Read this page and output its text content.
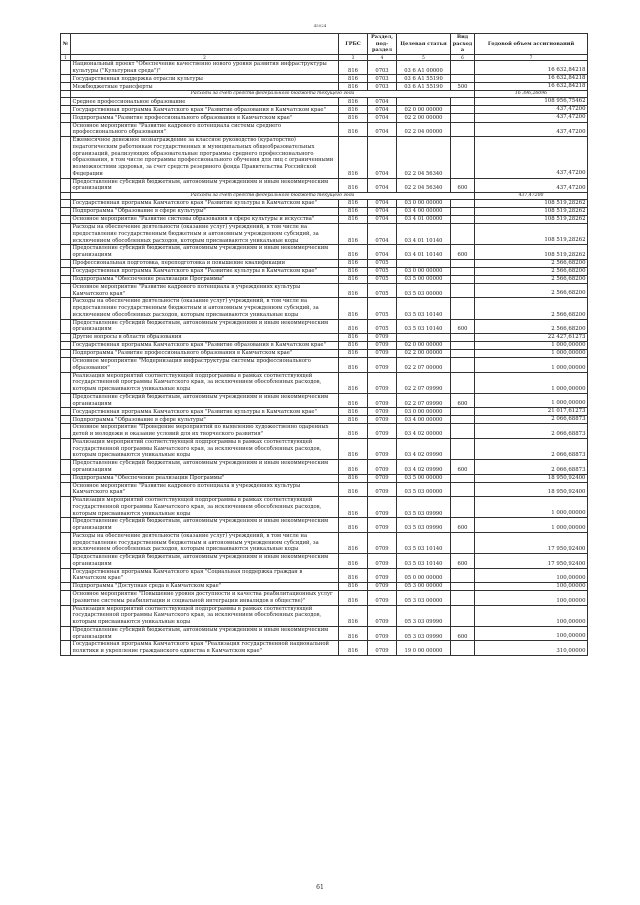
45024
№		ГРБС	Раздел, под-раздел	Целевая статья	Вид расхода	Годовой объем ассигнований
1	2	3	4	5	6	7
	Национальный проект "Обеспечение качественно нового уровня развития инфраструктуры культуры ("Культурная среда")"	816	0703	03 6 А1 00000		16 632,84218
	Государственная поддержка отрасли культуры	816	0703	03 6 А1 55190		16 632,84218
	Межбюджетные трансферты	816	0703	03 6 А1 55190	500	16 632,84218
	Расходы за счет средств федерального бюджета текущего года					16 396,26096
	Среднее профессиональное образование	816	0704			108 956,75462
	Государственная программа Камчатского края "Развитие образования в Камчатском крае"	816	0704	02 0 00 00000		437,47200
	Подпрограмма "Развитие профессионального образования в Камчатском крае"	816	0704	02 2 00 00000		437,47200
	Основное мероприятие "Развитие кадрового потенциала системы среднего профессионального образования"	816	0704	02 2 04 00000		437,47200
	Ежемесячное денежное вознаграждение за классное руководство (кураторство) педагогическим работникам государственных и муниципальных общеобразовательных организаций, реализующих образовательные программы среднего профессионального образования, в том числе программы профессионального обучения для лиц с ограниченными возможностями здоровья, за счет средств резервного фонда Правительства Российской Федерации	816	0704	02 2 04 56340		437,47200
	Предоставление субсидий бюджетным, автономным учреждениям и иным некоммерческим организациям	816	0704	02 2 04 56340	600	437,47200
	Расходы за счет средств федерального бюджета текущего года					437,47200
	Государственная программа Камчатского края "Развитие культуры в Камчатском крае"	816	0704	03 0 00 00000		108 519,28262
	Подпрограмма "Образование в сфере культуры"	816	0704	03 4 00 00000		108 519,28262
	Основное мероприятие "Развитие системы образования в сфере культуры и искусства"	816	0704	03 4 01 00000		108 519,28262
	Расходы на обеспечение деятельности (оказание услуг) учреждений, в том числе на предоставление государственным бюджетным и автономным учреждениям субсидий, за исключением обособленных расходов, которым присваиваются уникальные коды	816	0704	03 4 01 10140		108 519,28262
	Предоставление субсидий бюджетным, автономным учреждениям и иным некоммерческим организациям	816	0704	03 4 01 10140	600	108 519,28262
	Профессиональная подготовка, переподготовка и повышение квалификации	816	0705			2 566,68200
	Государственная программа Камчатского края "Развитие культуры в Камчатском крае"	816	0705	03 0 00 00000		2 566,68200
	Подпрограмма "Обеспечение реализации Программы"	816	0705	03 5 00 00000		2 566,68200
	Основное мероприятие "Развитие кадрового потенциала в учреждениях культуры Камчатского края"	816	0705	03 5 03 00000		2 566,68200
	Расходы на обеспечение деятельности (оказание услуг) учреждений, в том числе на предоставление государственным бюджетным и автономным учреждениям субсидий, за исключением обособленных расходов, которым присваиваются уникальные коды	816	0705	03 5 03 10140		2 566,68200
	Предоставление субсидий бюджетным, автономным учреждениям и иным некоммерческим организациям	816	0705	03 5 03 10140	600	2 566,68200
	Другие вопросы в области образования	816	0709			22 427,61273
	Государственная программа Камчатского края "Развитие образования в Камчатском крае"	816	0709	02 0 00 00000		1 000,00000
	Подпрограмма "Развитие профессионального образования в Камчатском крае"	816	0709	02 2 00 00000		1 000,00000
	Основное мероприятие "Модернизация инфраструктуры системы профессионального образования"	816	0709	02 2 07 00000		1 000,00000
	Реализация мероприятий соответствующей подпрограммы в рамках соответствующей государственной программы Камчатского края, за исключением обособленных расходов, которым присваиваются уникальные коды	816	0709	02 2 07 09990		1 000,00000
	Предоставление субсидий бюджетным, автономным учреждениям и иным некоммерческим организациям	816	0709	02 2 07 09990	600	1 000,00000
	Государственная программа Камчатского края "Развитие культуры в Камчатском крае"	816	0709	03 0 00 00000		21 017,61273
	Подпрограмма "Образование в сфере культуры"	816	0709	03 4 00 00000		2 066,68873
	Основное мероприятие "Проведение мероприятий по выявлению художественно одаренных детей и молодежи и оказание условий для их творческого развития"	816	0709	03 4 02 00000		2 066,68873
	Реализация мероприятий соответствующей подпрограммы в рамках соответствующей государственной программы Камчатского края, за исключением обособленных расходов, которым присваиваются уникальные коды	816	0709	03 4 02 09990		2 066,68873
	Предоставление субсидий бюджетным, автономным учреждениям и иным некоммерческим организациям	816	0709	03 4 02 09990	600	2 066,68873
	Подпрограмма "Обеспечение реализации Программы"	816	0709	03 5 00 00000		18 950,92400
	Основное мероприятие "Развитие кадрового потенциала в учреждениях культуры Камчатского края"	816	0709	03 5 03 00000		18 950,92400
	Реализация мероприятий соответствующей подпрограммы в рамках соответствующей государственной программы Камчатского края, за исключением обособленных расходов, которым присваиваются уникальные коды	816	0709	03 5 03 09990		1 000,00000
	Предоставление субсидий бюджетным, автономным учреждениям и иным некоммерческим организациям	816	0709	03 5 03 09990	600	1 000,00000
	Расходы на обеспечение деятельности (оказание услуг) учреждений, в том числе на предоставление государственным бюджетным и автономным учреждениям субсидий, за исключением обособленных расходов, которым присваиваются уникальные коды	816	0709	03 5 03 10140		17 950,92400
	Предоставление субсидий бюджетным, автономным учреждениям и иным некоммерческим организациям	816	0709	03 5 03 10140	600	17 950,92400
	Государственная программа Камчатского края "Социальная поддержка граждан в Камчатском крае"	816	0709	05 0 00 00000		100,00000
	Подпрограмма "Доступная среда в Камчатском крае"	816	0709	05 3 00 00000		100,00000
	Основное мероприятие "Повышение уровня доступности и качества реабилитационных услуг (развитие системы реабилитации и социальной интеграции инвалидов в обществе)"	816	0709	05 3 03 00000		100,00000
	Реализация мероприятий соответствующей подпрограммы в рамках соответствующей государственной программы Камчатского края, за исключением обособленных расходов, которым присваиваются уникальные коды	816	0709	05 3 03 09990		100,00000
	Предоставление субсидий бюджетным, автономным учреждениям и иным некоммерческим организациям	816	0709	05 3 03 09990	600	100,00000
	Государственная программа Камчатского края "Реализация государственной национальной политики и укрепление гражданского единства в Камчатском крае"	816	0709	19 0 00 00000		310,00000
61
